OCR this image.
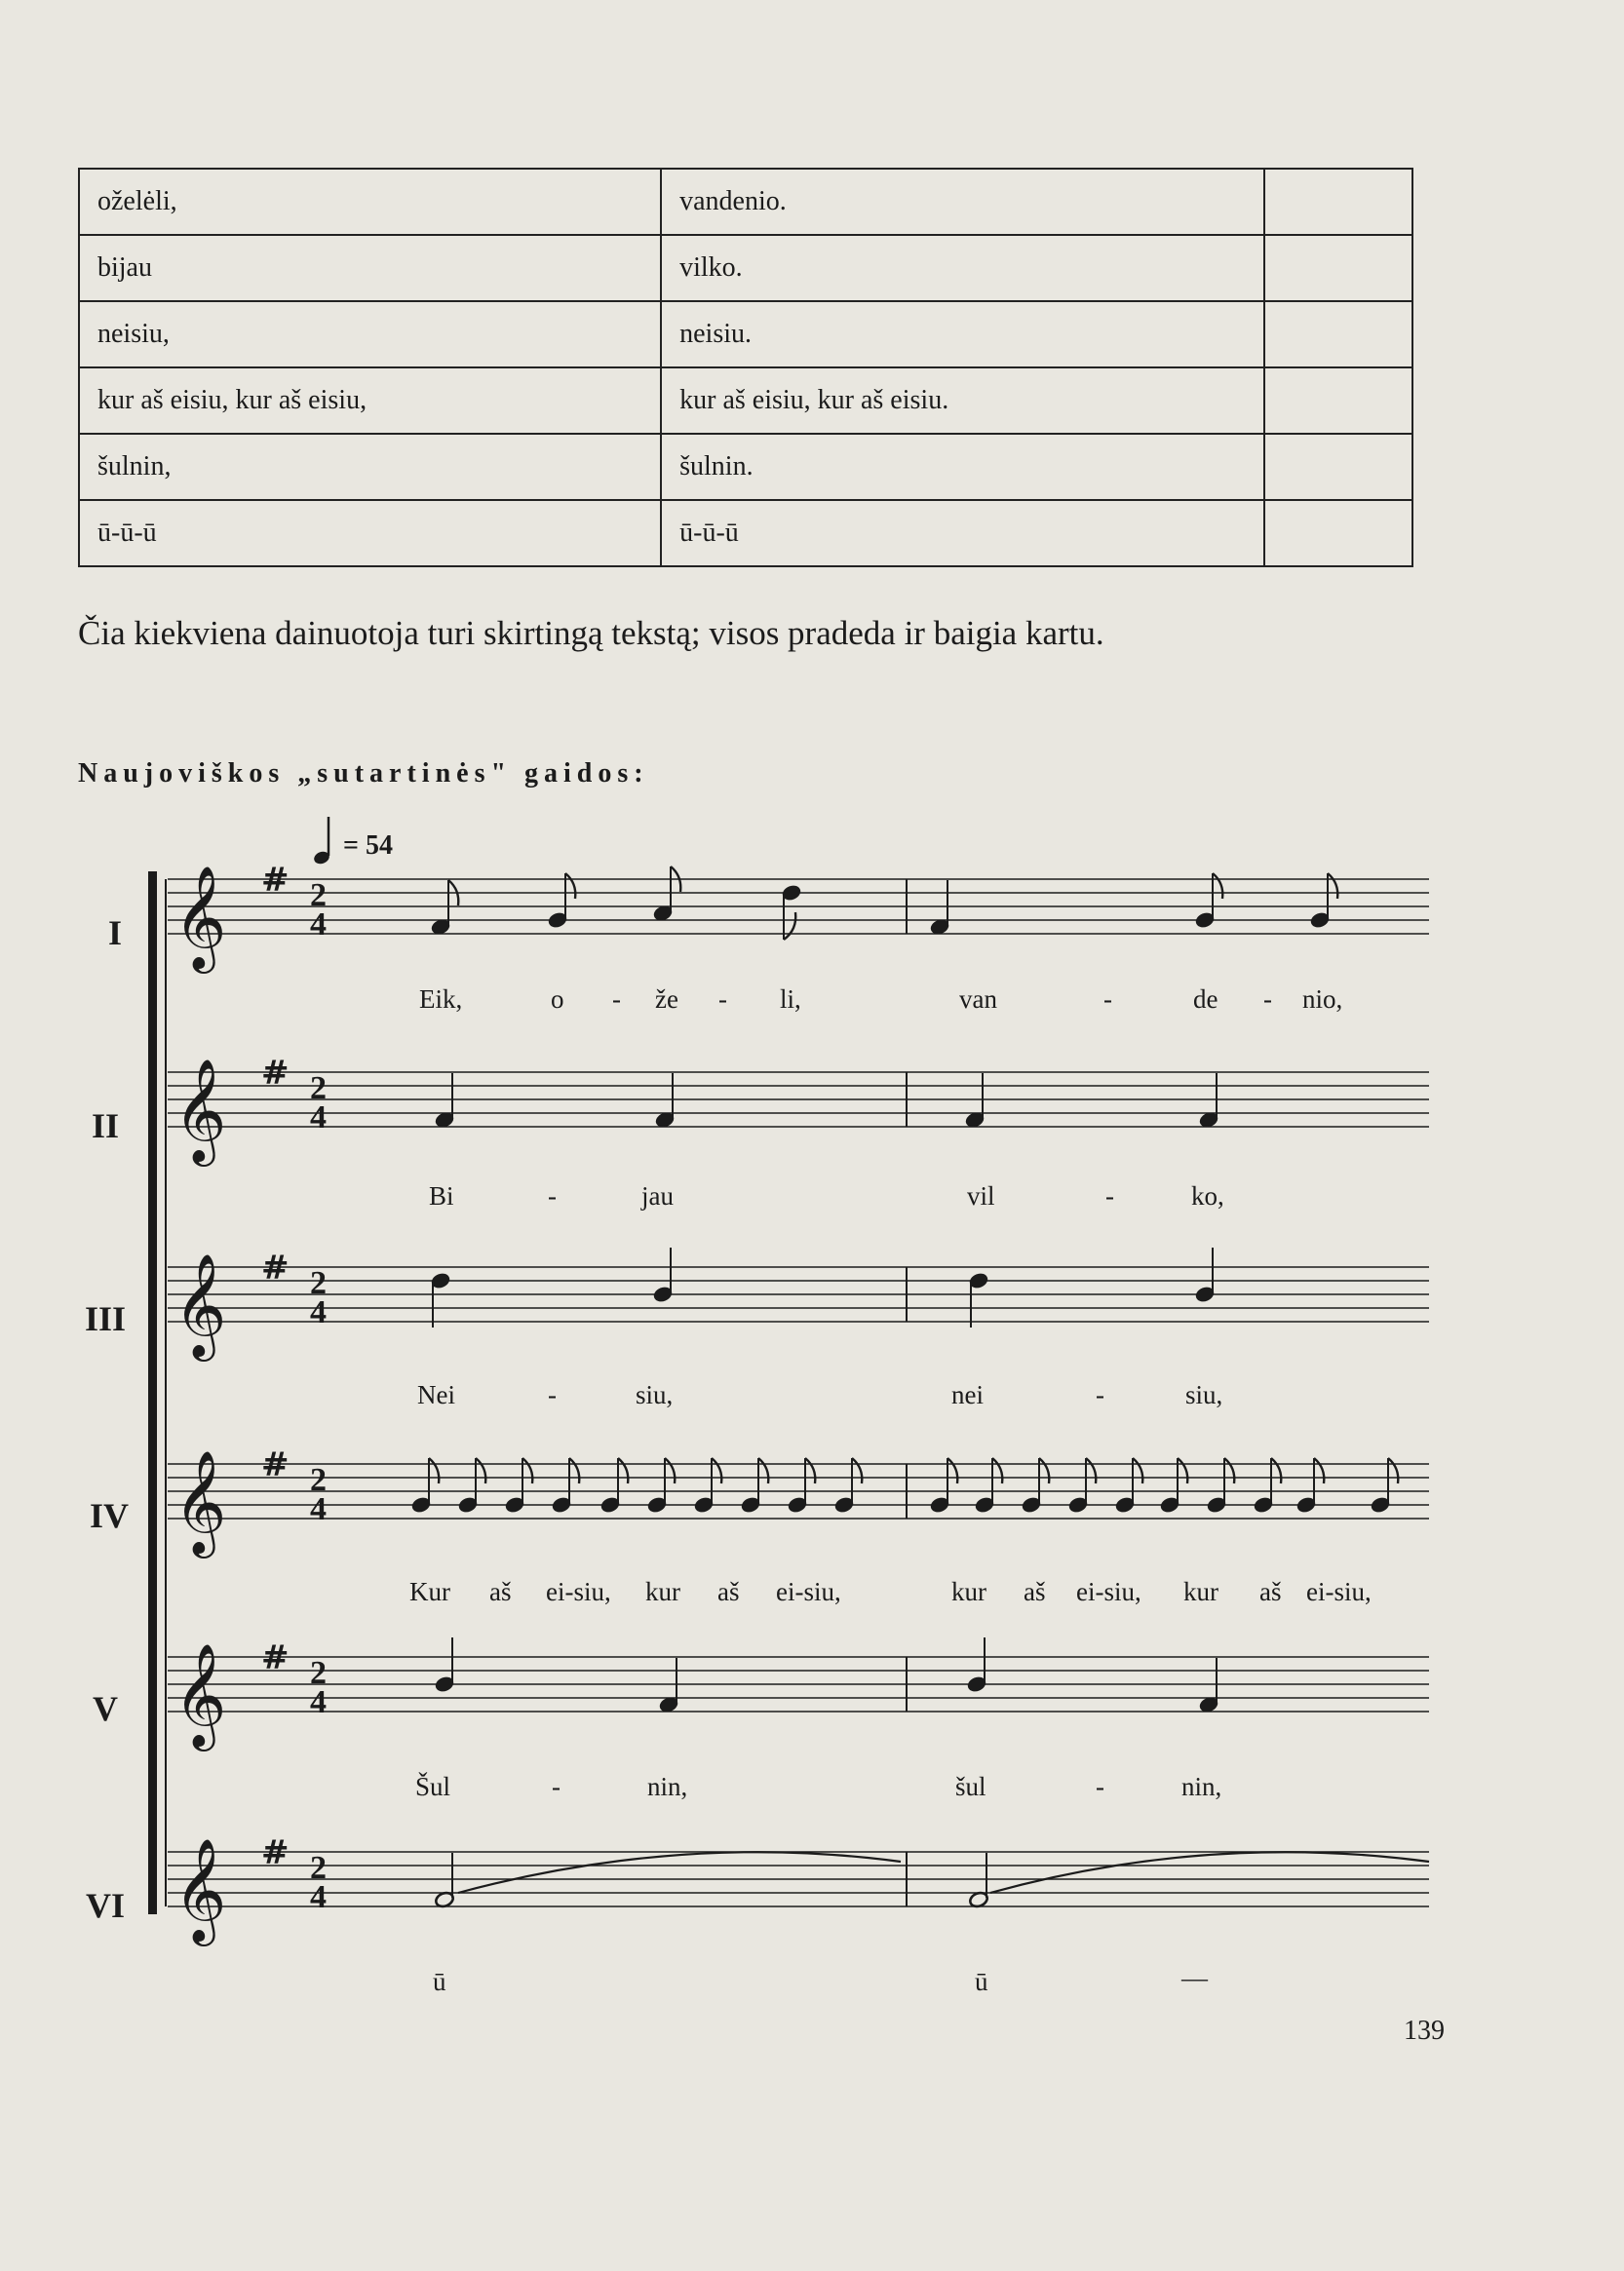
oželėli,	vandenio.	
bijau	vilko.	
neisiu,	neisiu.	
kur aš eisiu, kur aš eisiu,	kur aš eisiu, kur aš eisiu.	
šulnin,	šulnin.	
ū-ū-ū	ū-ū-ū	
Čia kiekviena dainuotoja turi skirtingą tekstą; visos pradeda ir baigia kartu.
Naujoviškos „sutartinės" gaidos:
𝄞 # 2
4
𝄞 # 2
4
𝄞 # 2
4
𝄞 # 2
4
𝄞 # 2
4
𝄞 # 2
4
= 54
I
II
III
IV
V
VI
Eik,	o - že - li,	van	-	de - nio,
Bi	-	jau	vil	-	ko,
Nei	-	siu,	nei	-	siu,
Kur aš ei-siu, kur aš ei-siu,	kur aš ei-siu, kur aš ei-siu,
Šul	-	nin,	šul	-	nin,
ū	ū	—
139
